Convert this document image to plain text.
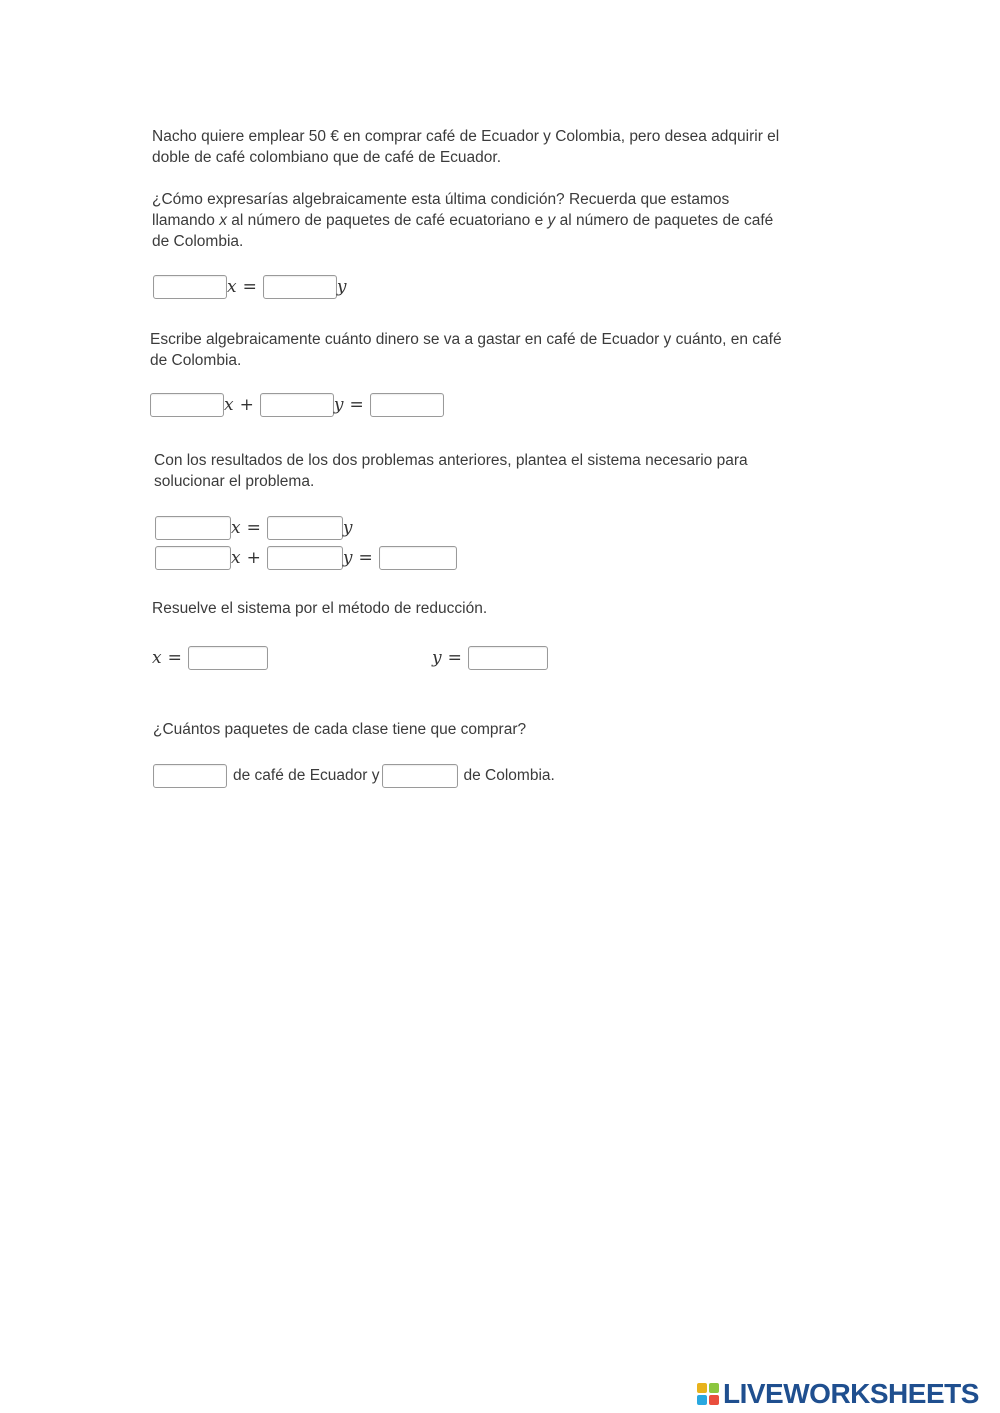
Nacho quiere emplear 50 € en comprar café de Ecuador y Colombia, pero desea adquirir el
doble de café colombiano que de café de Ecuador.

¿Cómo expresarías algebraicamente esta última condición? Recuerda que estamos
llamando x al número de paquetes de café ecuatoriano e y al número de paquetes de café
de Colombia.

x =	y

Escribe algebraicamente cuánto dinero se va a gastar en café de Ecuador y cuánto, en café
de Colombia.

x +	y =

Con los resultados de los dos problemas anteriores, plantea el sistema necesario para
solucionar el problema.

x =	y
x +	y =

Resuelve el sistema por el método de reducción.

x =	y =

¿Cuántos paquetes de cada clase tiene que comprar?

de café de Ecuador y	de Colombia.
LIVEWORKSHEETS
